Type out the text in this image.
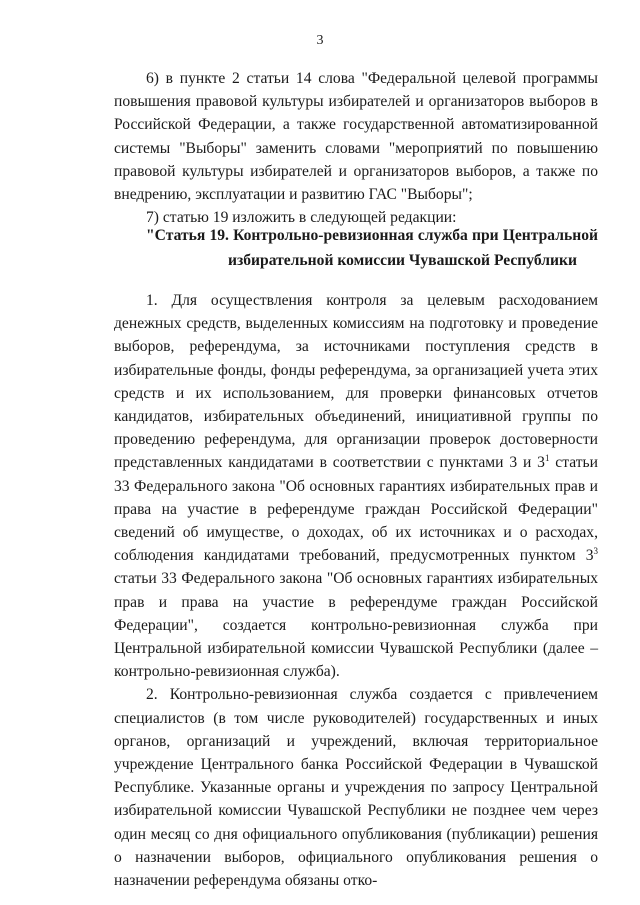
3

6) в пункте 2 статьи 14 слова "Федеральной целевой программы повышения правовой культуры избирателей и организаторов выборов в Российской Федерации, а также государственной автоматизированной системы "Выборы" заменить словами "мероприятий по повышению правовой культуры избирателей и организаторов выборов, а также по внедрению, эксплуатации и развитию ГАС "Выборы";

7) статью 19 изложить в следующей редакции:

"Статья 19. Контрольно-ревизионная служба при Центральной
избирательной комиссии Чувашской Республики

1. Для осуществления контроля за целевым расходованием денежных средств, выделенных комиссиям на подготовку и проведение выборов, референдума, за источниками поступления средств в избирательные фонды, фонды референдума, за организацией учета этих средств и их использованием, для проверки финансовых отчетов кандидатов, избирательных объединений, инициативной группы по проведению референдума, для организации проверок достоверности представленных кандидатами в соответствии с пунктами 3 и $3^1$ статьи 33 Федерального закона "Об основных гарантиях избирательных прав и права на участие в референдуме граждан Российской Федерации" сведений об имуществе, о доходах, об их источниках и о расходах, соблюдения кандидатами требований, предусмотренных пунктом $3^3$ статьи 33 Федерального закона "Об основных гарантиях избирательных прав и права на участие в референдуме граждан Российской Федерации", создается контрольно-ревизионная служба при Центральной избирательной комиссии Чувашской Республики (далее – контрольно-ревизионная служба).

2. Контрольно-ревизионная служба создается с привлечением специалистов (в том числе руководителей) государственных и иных органов, организаций и учреждений, включая территориальное учреждение Центрального банка Российской Федерации в Чувашской Республике. Указанные органы и учреждения по запросу Центральной избирательной комиссии Чувашской Республики не позднее чем через один месяц со дня официального опубликования (публикации) решения о назначении выборов, официального опубликования решения о назначении референдума обязаны отко-
